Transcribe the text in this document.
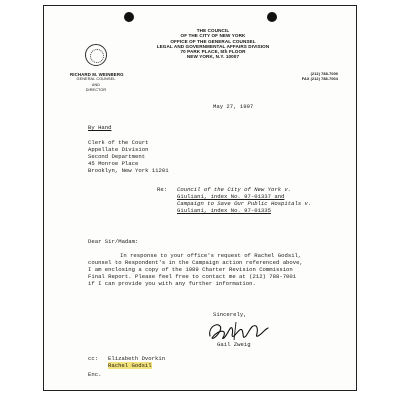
THE COUNCIL
OF THE CITY OF NEW YORK
OFFICE OF THE GENERAL COUNSEL
LEGAL AND GOVERNMENTAL AFFAIRS DIVISION
70 PARK PLACE, 5th FLOOR
NEW YORK, N.Y. 10007
RICHARD M. WEINBERG
GENERAL COUNSEL
AND
DIRECTOR
(212) 788-7000
FAX (212) 788-7004
May 27, 1997
By Hand
Clerk of the Court
Appellate Division
Second Department
45 Monroe Place
Brooklyn, New York 11201
Re: Council of the City of New York v.
Giuliani, index No. 97-01337 and
Campaign to Save Our Public Hospitals v.
Giuliani, index No. 97-01335
Dear Sir/Madam:
In response to your office's request of Rachel Godsil,
counsel to Respondent's in the Campaign action referenced above,
I am enclosing a copy of the 1989 Charter Revision Commission
Final Report. Please feel free to contact me at (212) 788-7001
if I can provide you with any further information.
Sincerely,
Gail Zweig
cc: Elizabeth Dvorkin
Rachel Godsil
Enc.
